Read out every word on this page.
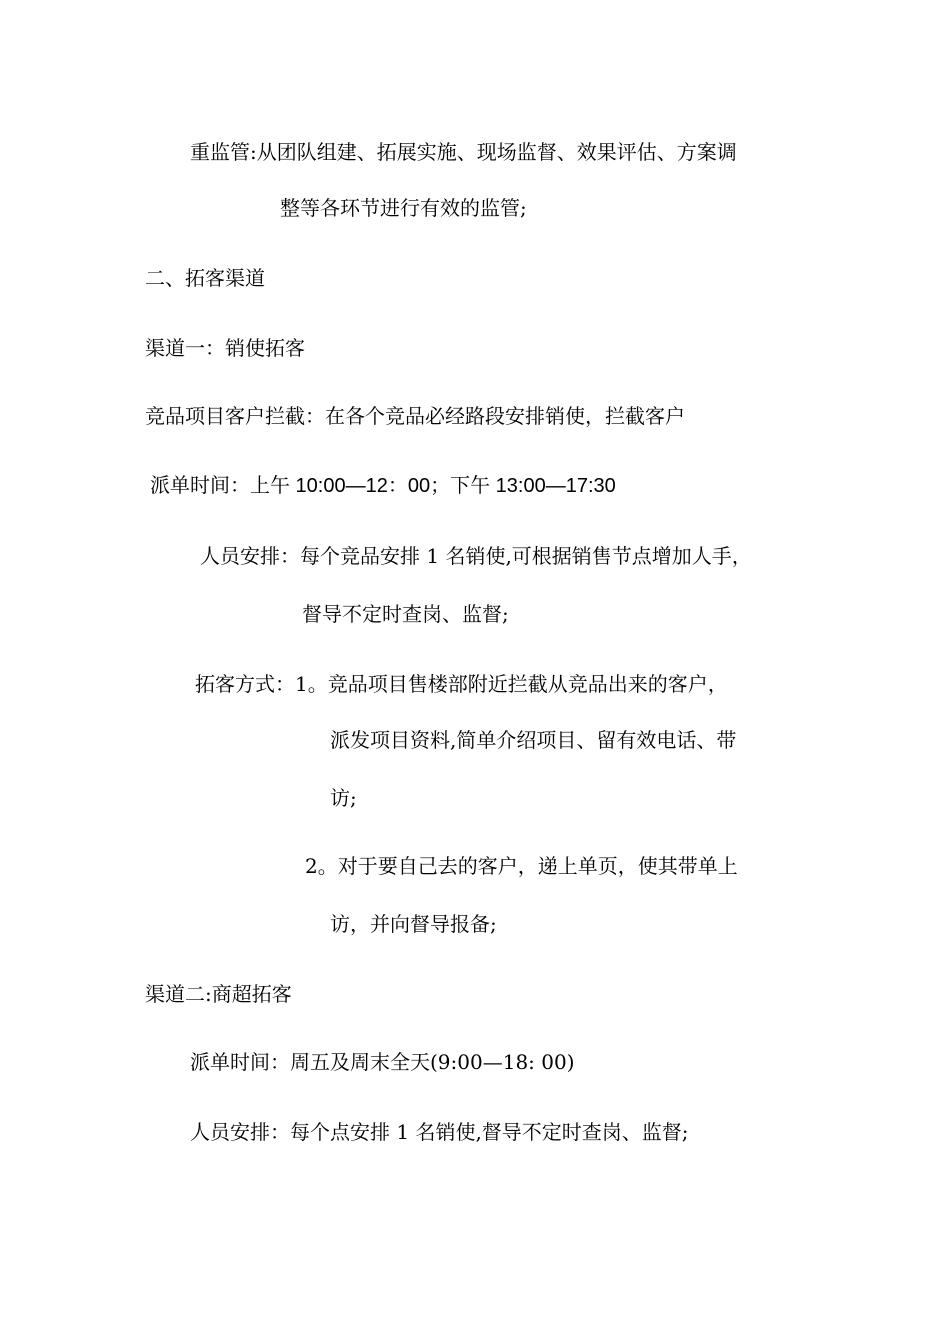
重监管:从团队组建、拓展实施、现场监督、效果评估、方案调
整等各环节进行有效的监管;
二、拓客渠道
渠道一：销使拓客
竞品项目客户拦截：在各个竞品必经路段安排销使，拦截客户
派单时间：上午 10:00—12：00；下午 13:00—17:30
人员安排：每个竞品安排 1 名销使,可根据销售节点增加人手，
督导不定时查岗、监督;
拓客方式：1。竞品项目售楼部附近拦截从竞品出来的客户，
派发项目资料,简单介绍项目、留有效电话、带
访;
2。对于要自己去的客户，递上单页，使其带单上
访，并向督导报备;
渠道二:商超拓客
派单时间：周五及周末全天(9:00—18: 00)
人员安排：每个点安排 1 名销使,督导不定时查岗、监督;
